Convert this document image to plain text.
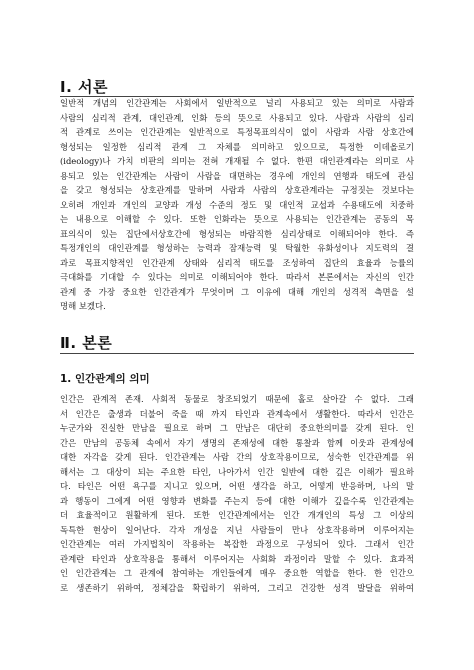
Ⅰ. 서론
일반적 개념의 인간관계는 사회에서 일반적으로 널리 사용되고 있는 의미로 사람과
사람의 심리적 관계, 대인관계, 인화 등의 뜻으로 사용되고 있다. 사람과 사람의 심리
적 관계로 쓰이는 인간관계는 일반적으로 특정목표의식이 없이 사람과 사람 상호간에
형성되는 일정한 심리적 관계 그 자체를 의미하고 있으므로, 특정한 이데올로기
(ideology)나 가치 비판의 의미는 전혀 개재될 수 없다. 한편 대인관계라는 의미로 사
용되고 있는 인간관계는 사람이 사람을 대면하는 경우에 개인의 연행과 태도에 관심
을 갖고 형성되는 상호관계를 말하며 사람과 사람의 상호관계라는 규정짓는 것보다는
오히려 개인과 개인의 교양과 개성 수준의 정도 및 대인적 교섭과 수용태도에 치중하
는 내용으로 이해할 수 있다. 또한 인화라는 뜻으로 사용되는 인간관계는 공동의 목
표의식이 있는 집단에서상호간에 형성되는 바람직한 심리상태로 이해되어야 한다. 즉
특정개인의 대인관계를 형성하는 능력과 잠재능력 및 탁월한 유화성이나 지도력의 결
과로 목표지향적인 인간관계 상태와 심리적 태도를 조성하여 집단의 효율과 능률의
극대화를 기대할 수 있다는 의미로 이해되어야 한다. 따라서 본론에서는 자신의 인간
관계 중 가장 중요한 인간관계가 무엇이며 그 이유에 대해 개인의 성격적 측면을 설
명해 보겠다.
Ⅱ. 본론
1. 인간관계의 의미
인간은 관계적 존재. 사회적 동물로 창조되었기 때문에 홀로 살아갈 수 없다. 그래
서 인간은 출생과 더불어 죽을 때 까지 타인과 관계속에서 생활한다. 따라서 인간은
누군가와 진실한 만남을 필요로 하며 그 만남은 대단히 중요한의미를 갖게 된다. 인
간은 만남의 공동체 속에서 자기 생명의 존재성에 대한 통찰과 함께 이웃과 관계성에
대한 자각을 갖게 된다. 인간관계는 사람 간의 상호작용이므로, 성숙한 인간관계를 위
해서는 그 대상이 되는 주요한 타인, 나아가서 인간 일반에 대한 깊은 이해가 필요하
다. 타인은 어떤 욕구를 지니고 있으며, 어떤 생각을 하고, 어떻게 반응하며, 나의 말
과 행동이 그에게 어떤 영향과 변화를 주는지 등에 대한 이해가 깊을수록 인간관계는
더 효율적이고 원활하게 된다. 또한 인간관계에서는 인간 개개인의 특성 그 이상의
독특한 현상이 일어난다. 각자 개성을 지닌 사람들이 만나 상호작용하며 이루어지는
인간관계는 여러 가지법칙이 작용하는 복잡한 과정으로 구성되어 있다. 그래서 인간
관계란 타인과 상호작용을 통해서 이루어지는 사회화 과정이라 말할 수 있다. 효과적
인 인간관계는 그 관계에 참여하는 개인들에게 매우 중요한 역할을 한다. 한 인간으
로 생존하기 위하여, 정체감을 확립하기 위하여, 그리고 건강한 성격 발달을 위하여
